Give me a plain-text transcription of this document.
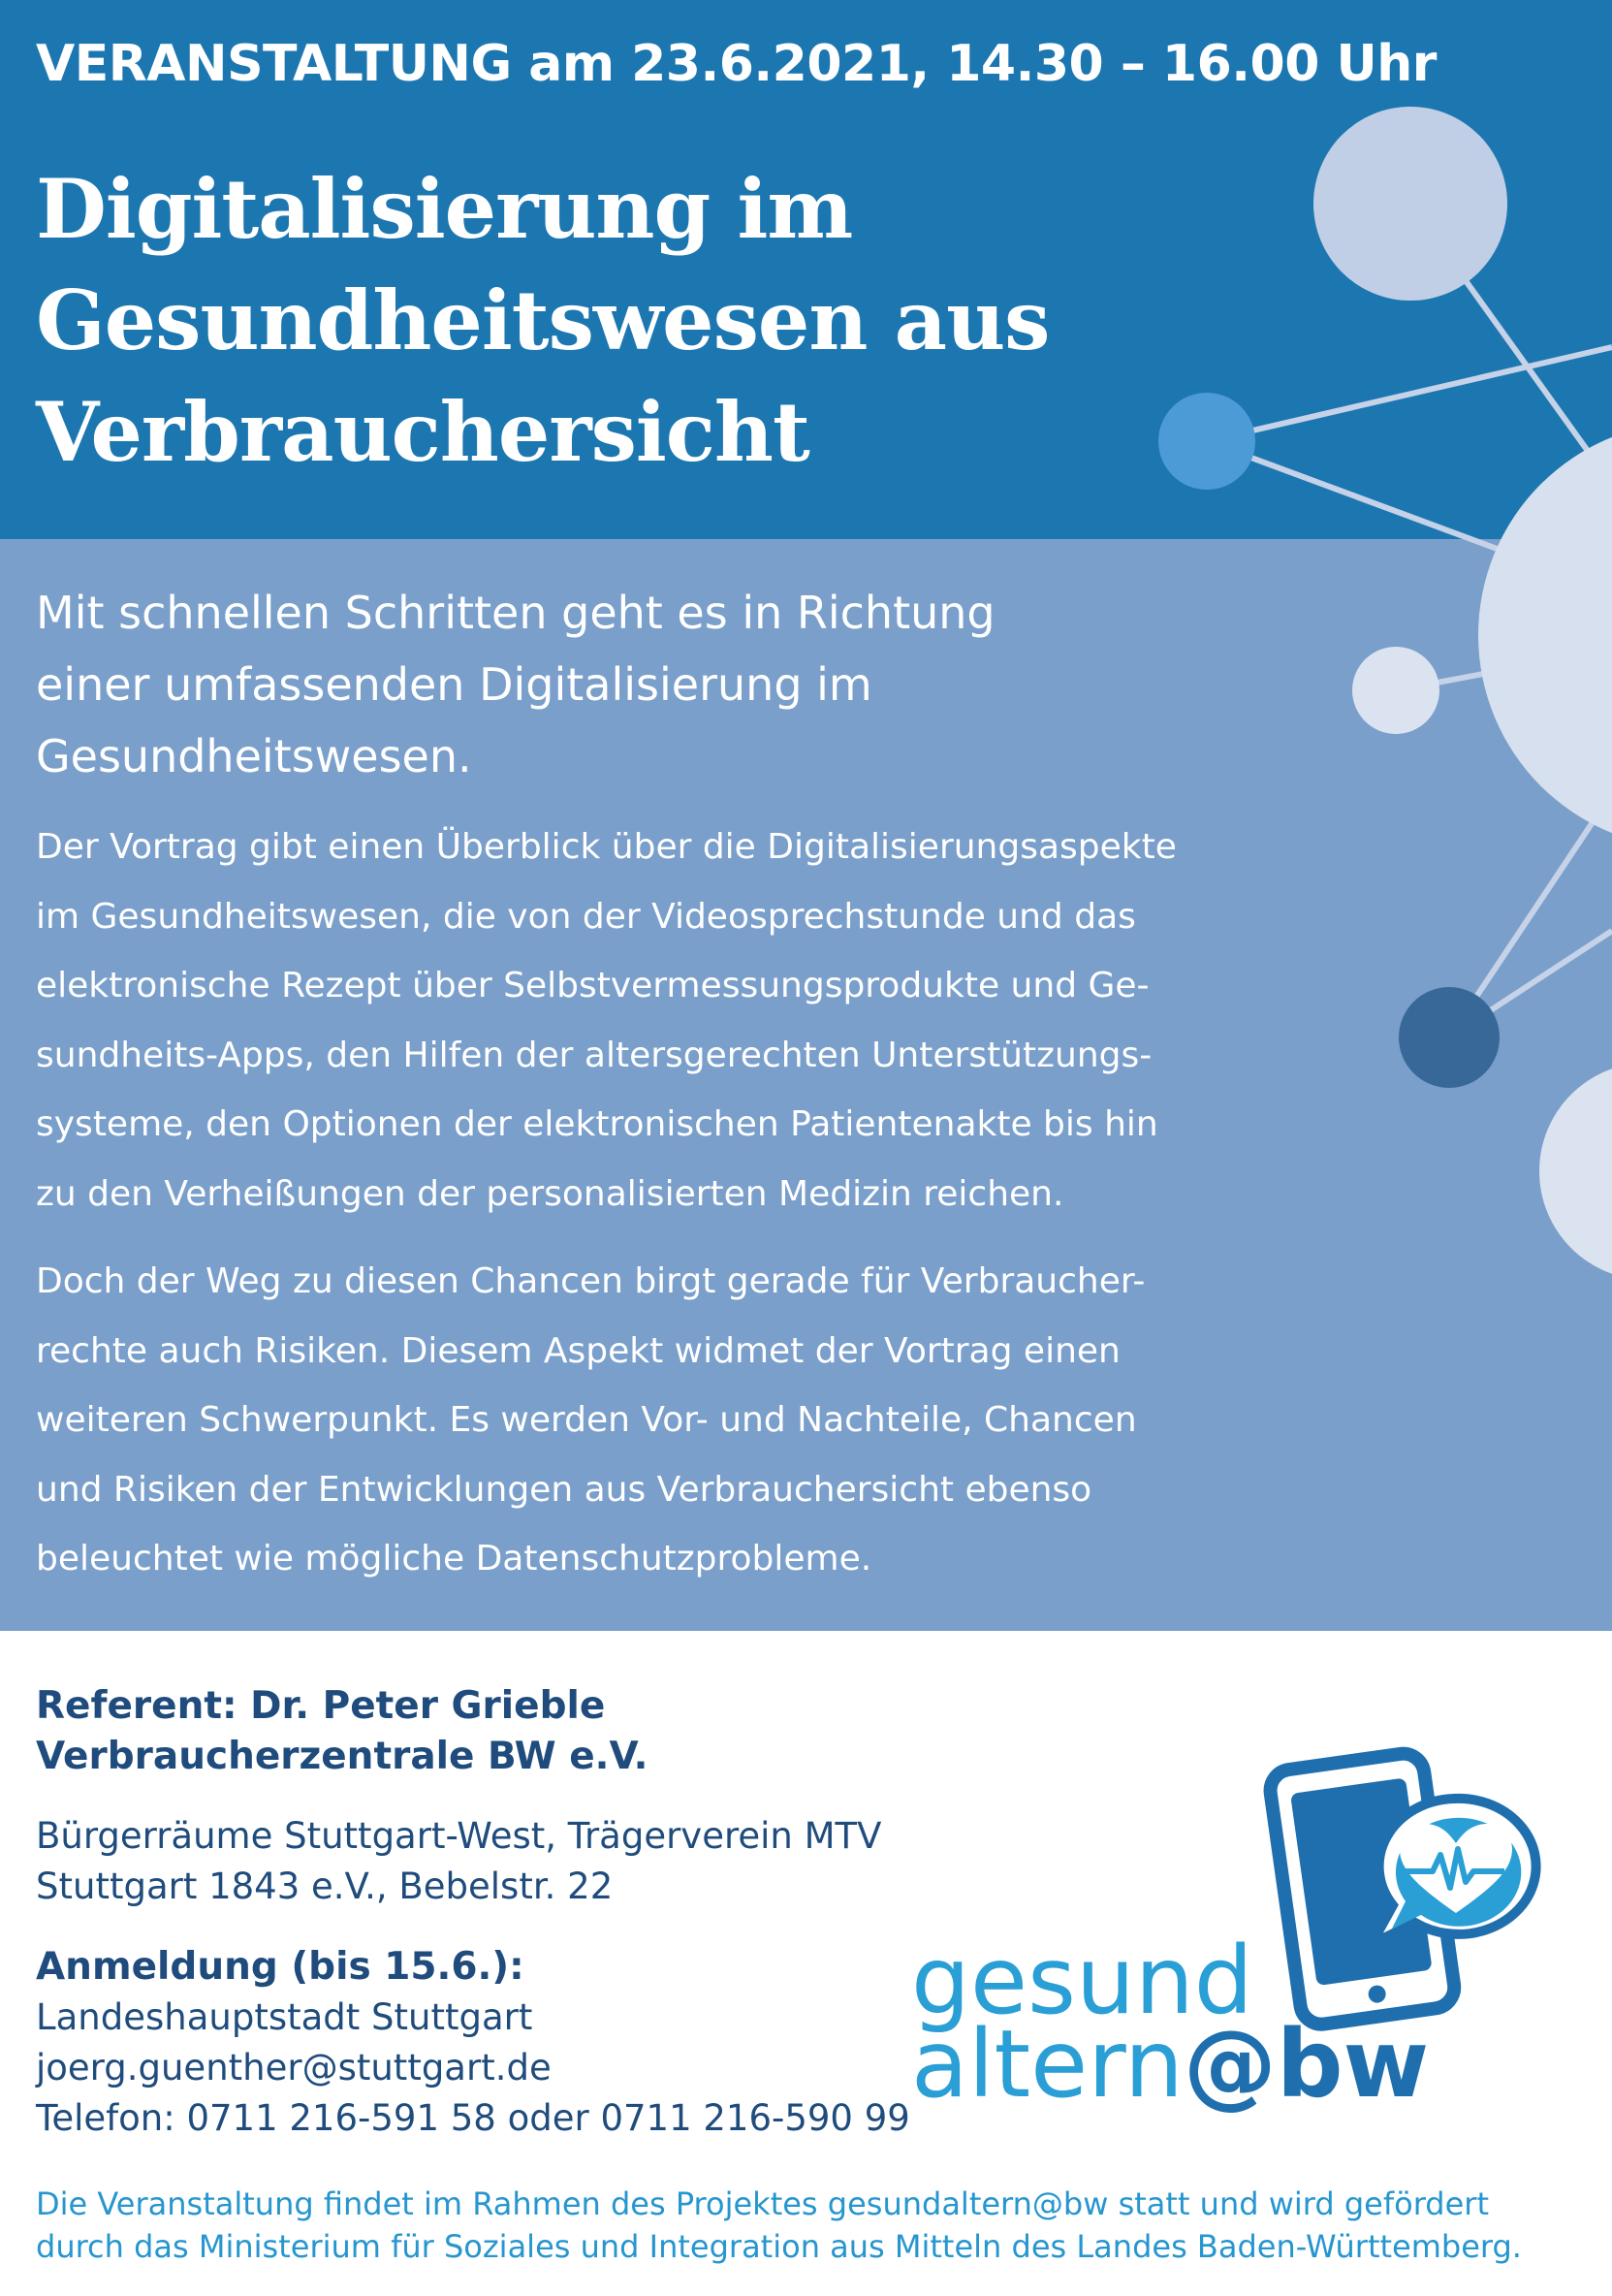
VERANSTALTUNG am 23.6.2021, 14.30 – 16.00 Uhr
Digitalisierung im
Gesundheitswesen aus
Verbrauchersicht
Mit schnellen Schritten geht es in Richtung
einer umfassenden Digitalisierung im
Gesundheitswesen.
Der Vortrag gibt einen Überblick über die Digitalisierungsaspekte
im Gesundheitswesen, die von der Videosprechstunde und das
elektronische Rezept über Selbstvermessungsprodukte und Ge-
sundheits-Apps, den Hilfen der altersgerechten Unterstützungs-
systeme, den Optionen der elektronischen Patientenakte bis hin
zu den Verheißungen der personalisierten Medizin reichen.
Doch der Weg zu diesen Chancen birgt gerade für Verbraucher-
rechte auch Risiken. Diesem Aspekt widmet der Vortrag einen
weiteren Schwerpunkt. Es werden Vor- und Nachteile, Chancen
und Risiken der Entwicklungen aus Verbrauchersicht ebenso
beleuchtet wie mögliche Datenschutzprobleme.
Referent: Dr. Peter Grieble
Verbraucherzentrale BW e.V.
Bürgerräume Stuttgart-West, Trägerverein MTV
Stuttgart 1843 e.V., Bebelstr. 22
Anmeldung (bis 15.6.):
Landeshauptstadt Stuttgart
joerg.guenther@stuttgart.de
Telefon: 0711 216-591 58 oder 0711 216-590 99
gesund
altern@bw
Die Veranstaltung findet im Rahmen des Projektes gesundaltern@bw statt und wird gefördert
durch das Ministerium für Soziales und Integration aus Mitteln des Landes Baden-Württemberg.
